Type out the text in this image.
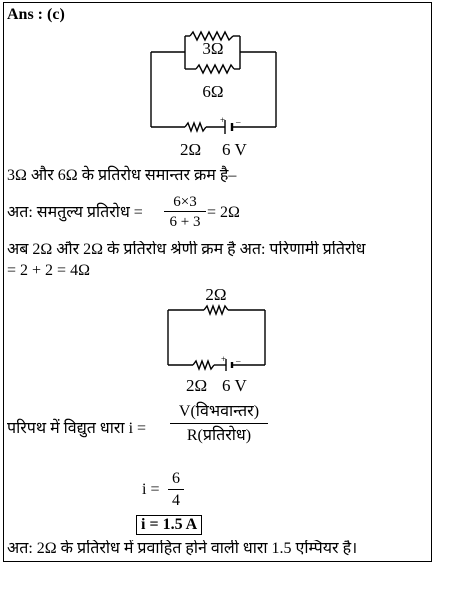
Ans : (c)
3Ω
6Ω
+ –
2Ω 6 V
3Ω और 6Ω के प्रतिरोध समान्तर क्रम है–
अत: समतुल्य प्रतिरोध = $\frac{6\times 3}{6 + 3} = 2\Omega$
अब 2Ω और 2Ω के प्रतिरोध श्रेणी क्रम है अत: परिणामी प्रतिरोध
= 2 + 2 = 4Ω
2Ω
+ –
2Ω 6 V
परिपथ में विद्युत धारा i =
V(विभवान्तर)
R(प्रतिरोध)
$i = \frac{6}{4}$
i = 1.5 A
अत: 2Ω के प्रतिरोध में प्रवाहित होने वाली धारा 1.5 एम्पियर है।
